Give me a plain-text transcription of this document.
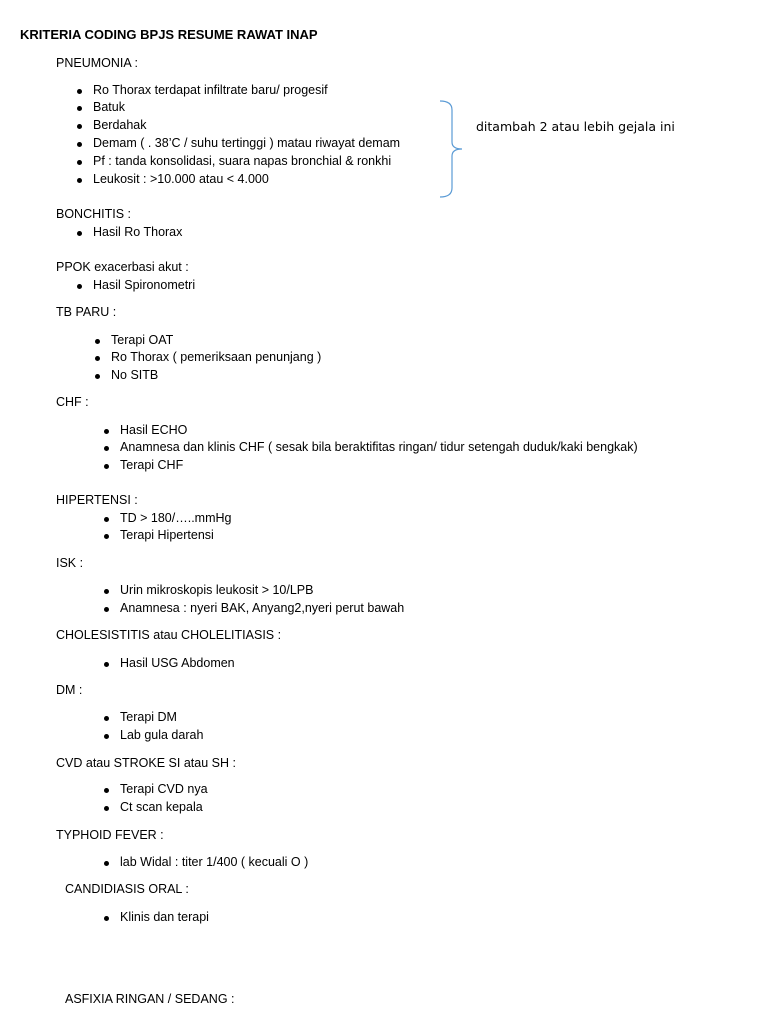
KRITERIA CODING BPJS RESUME RAWAT INAP
PNEUMONIA :
Ro Thorax terdapat infiltrate baru/ progesif
Batuk
Berdahak
Demam ( . 38’C / suhu tertinggi ) matau riwayat demam
Pf : tanda konsolidasi, suara napas bronchial & ronkhi
Leukosit : >10.000 atau < 4.000
ditambah 2 atau lebih gejala ini
BONCHITIS :
Hasil Ro Thorax
PPOK exacerbasi akut :
Hasil Spironometri
TB PARU :
Terapi OAT
Ro Thorax ( pemeriksaan penunjang )
No SITB
CHF :
Hasil ECHO
Anamnesa dan klinis CHF ( sesak bila beraktifitas ringan/ tidur setengah duduk/kaki bengkak)
Terapi CHF
HIPERTENSI :
TD > 180/…..mmHg
Terapi Hipertensi
ISK :
Urin mikroskopis leukosit > 10/LPB
Anamnesa : nyeri BAK, Anyang2,nyeri perut bawah
CHOLESISTITIS atau CHOLELITIASIS :
Hasil USG Abdomen
DM :
Terapi DM
Lab gula darah
CVD atau STROKE SI atau SH :
Terapi CVD nya
Ct scan kepala
TYPHOID FEVER :
lab Widal : titer 1/400 ( kecuali O )
CANDIDIASIS ORAL :
Klinis dan terapi
ASFIXIA RINGAN / SEDANG :
